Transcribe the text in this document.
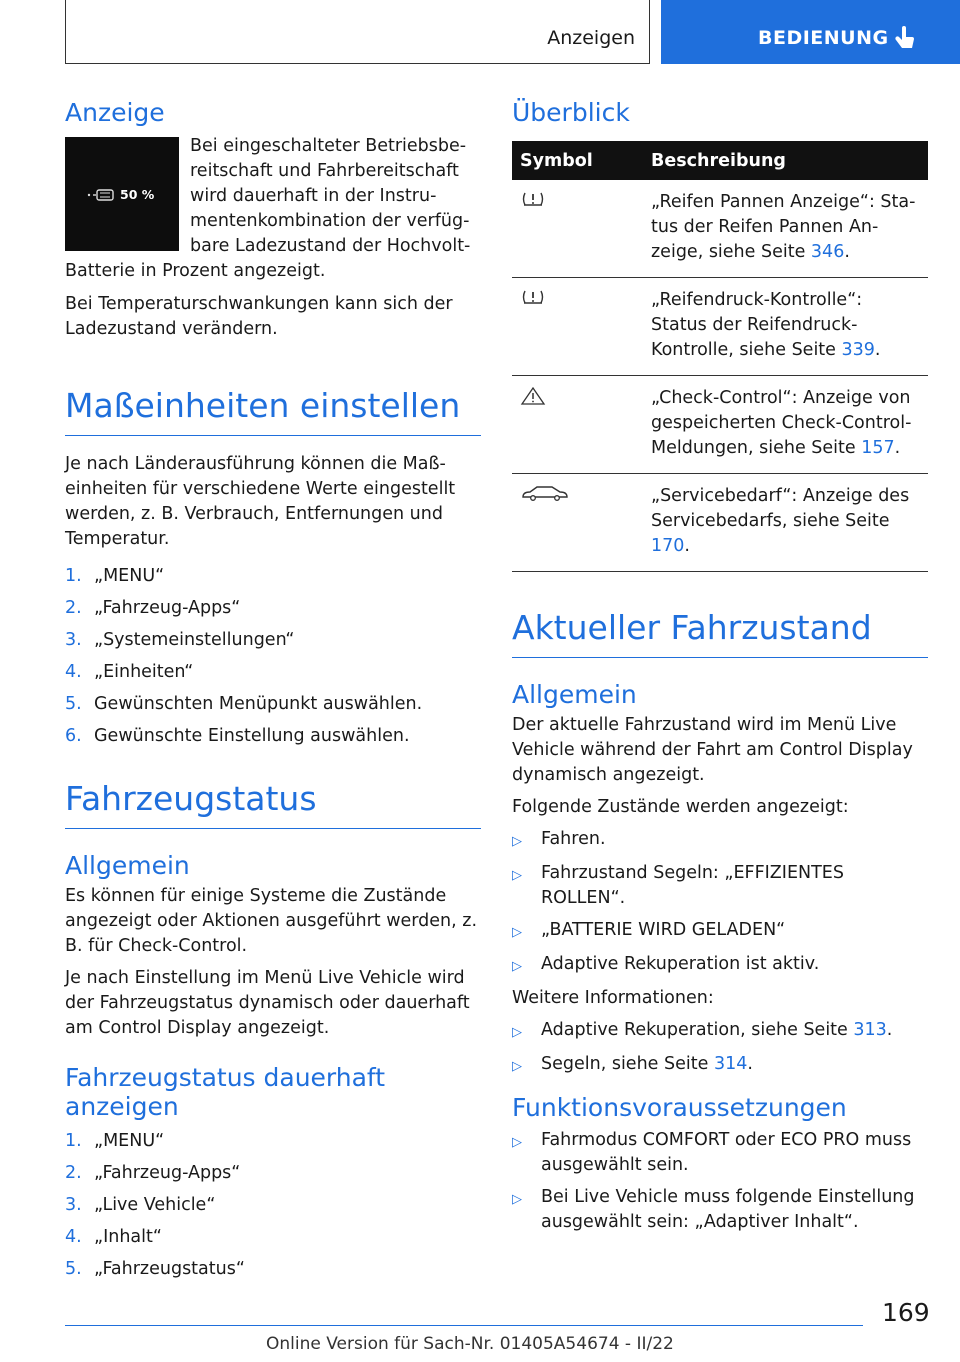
Anzeigen	BEDIENUNG
Anzeige
50 %

Bei eingeschalteter Betriebsbereitschaft und Fahrbereitschaft wird dauerhaft in der Instrumentenkombination der verfügbare Ladezustand der Hochvolt-Batterie in Prozent angezeigt.

Bei Temperaturschwankungen kann sich der Ladezustand verändern.

Maßeinheiten einstellen

Je nach Länderausführung können die Maßeinheiten für verschiedene Werte eingestellt werden, z. B. Verbrauch, Entfernungen und Temperatur.

1. „MENU“
2. „Fahrzeug-Apps“
3. „Systemeinstellungen“
4. „Einheiten“
5. Gewünschten Menüpunkt auswählen.
6. Gewünschte Einstellung auswählen.
Fahrzeugstatus
Allgemein

Es können für einige Systeme die Zustände angezeigt oder Aktionen ausgeführt werden, z. B. für Check-Control.

Je nach Einstellung im Menü Live Vehicle wird der Fahrzeugstatus dynamisch oder dauerhaft am Control Display angezeigt.

Fahrzeugstatus dauerhaft anzeigen
1. „MENU“
2. „Fahrzeug-Apps“
3. „Live Vehicle“
4. „Inhalt“
5. „Fahrzeugstatus“
Überblick
Symbol	Beschreibung
	„Reifen Pannen Anzeige“: Status der Reifen Pannen Anzeige, siehe Seite 346.
	„Reifendruck-Kontrolle“: Status der Reifendruck-Kontrolle, siehe Seite 339.
	„Check-Control“: Anzeige von gespeicherten Check-Control-Meldungen, siehe Seite 157.
	„Servicebedarf“: Anzeige des Servicebedarfs, siehe Seite 170.
Aktueller Fahrzustand
Allgemein

Der aktuelle Fahrzustand wird im Menü Live Vehicle während der Fahrt am Control Display dynamisch angezeigt.

Folgende Zustände werden angezeigt:

▷	Fahren.
▷	Fahrzustand Segeln: „EFFIZIENTES ROLLEN“.
▷	„BATTERIE WIRD GELADEN“
▷	Adaptive Rekuperation ist aktiv.

Weitere Informationen:

▷	Adaptive Rekuperation, siehe Seite 313.
▷	Segeln, siehe Seite 314.
Funktionsvoraussetzungen
▷	Fahrmodus COMFORT oder ECO PRO muss ausgewählt sein.
▷	Bei Live Vehicle muss folgende Einstellung ausgewählt sein: „Adaptiver Inhalt“.
169
Online Version für Sach-Nr. 01405A54674 - II/22
